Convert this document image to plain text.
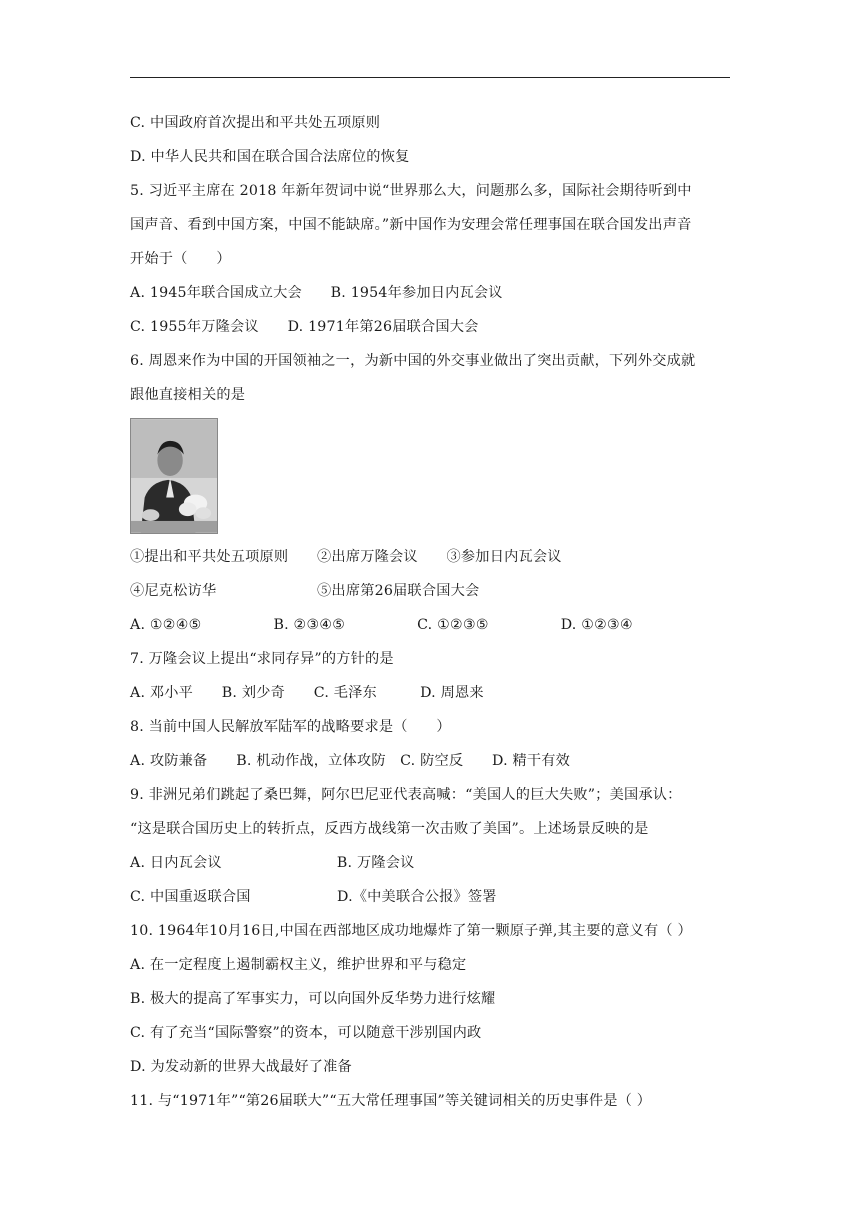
C. 中国政府首次提出和平共处五项原则
D. 中华人民共和国在联合国合法席位的恢复
5. 习近平主席在 2018 年新年贺词中说“世界那么大，问题那么多，国际社会期待听到中
国声音、看到中国方案，中国不能缺席。”新中国作为安理会常任理事国在联合国发出声音
开始于（　　）
A. 1945年联合国成立大会　　B. 1954年参加日内瓦会议
C. 1955年万隆会议　　D. 1971年第26届联合国大会
6. 周恩来作为中国的开国领袖之一，为新中国的外交事业做出了突出贡献，下列外交成就
跟他直接相关的是
①提出和平共处五项原则　　②出席万隆会议　　③参加日内瓦会议
④尼克松访华　　　　　　　⑤出席第26届联合国大会
A. ①②④⑤　　　　　B. ②③④⑤　　　　　C. ①②③⑤　　　　　D. ①②③④
7. 万隆会议上提出“求同存异”的方针的是
A. 邓小平　　B. 刘少奇　　C. 毛泽东　　　D. 周恩来
8. 当前中国人民解放军陆军的战略要求是（　　）
A. 攻防兼备　　B. 机动作战，立体攻防　C. 防空反　　D. 精干有效
9. 非洲兄弟们跳起了桑巴舞，阿尔巴尼亚代表高喊：“美国人的巨大失败”；美国承认：
“这是联合国历史上的转折点，反西方战线第一次击败了美国”。上述场景反映的是
A. 日内瓦会议　　　　　　　　B. 万隆会议
C. 中国重返联合国　　　　　　D.《中美联合公报》签署
10. 1964年10月16日,中国在西部地区成功地爆炸了第一颗原子弹,其主要的意义有（ ）
A. 在一定程度上遏制霸权主义，维护世界和平与稳定
B. 极大的提高了军事实力，可以向国外反华势力进行炫耀
C. 有了充当“国际警察”的资本，可以随意干涉别国内政
D. 为发动新的世界大战最好了准备
11. 与“1971年”“第26届联大”“五大常任理事国”等关键词相关的历史事件是（ ）
